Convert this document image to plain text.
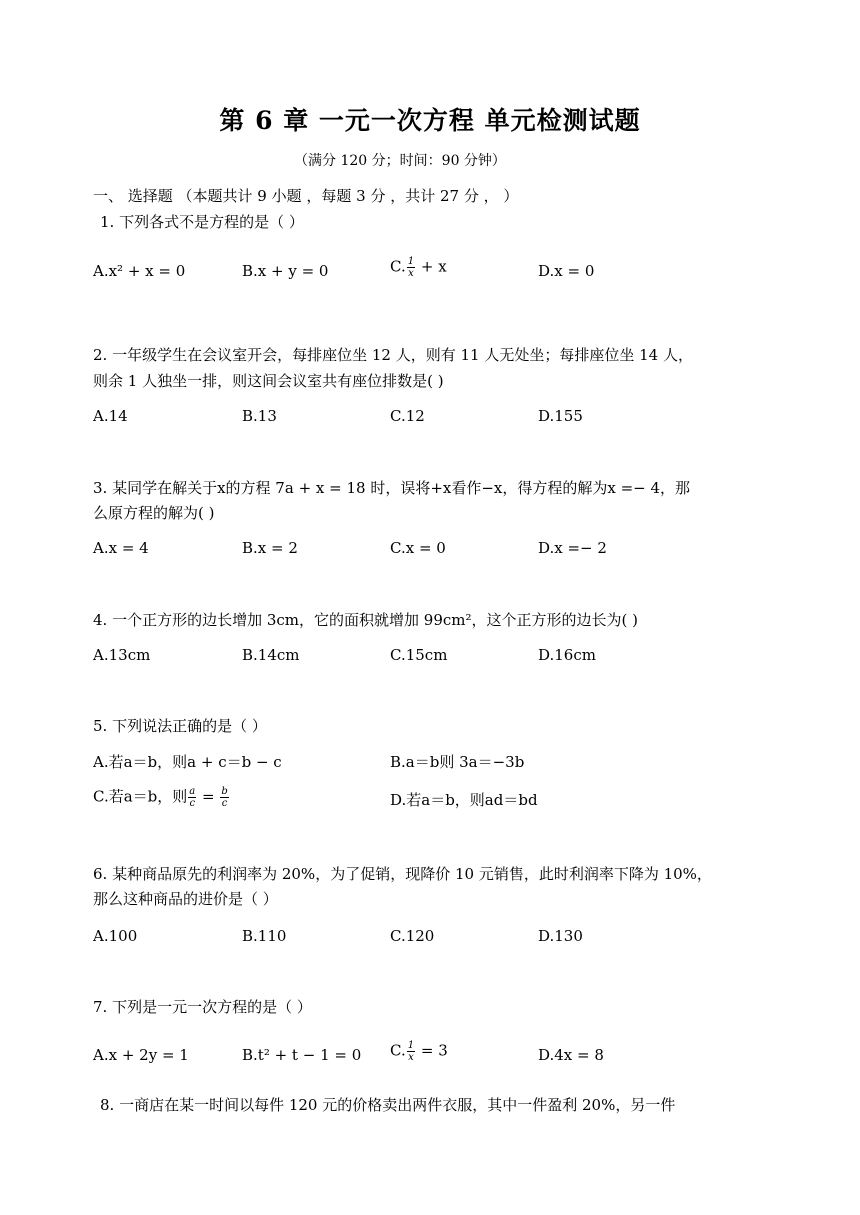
第 6 章 一元一次方程 单元检测试题
（满分 120 分；时间：90 分钟）
一、 选择题 （本题共计 9 小题 ，每题 3 分 ，共计 27 分 ， ）
1. 下列各式不是方程的是（ ）
A.x² + x = 0	B.x + y = 0	C. $\frac{1}{x} + x$	D.x = 0
2. 一年级学生在会议室开会，每排座位坐 12 人，则有 11 人无处坐；每排座位坐 14 人，
则余 1 人独坐一排，则这间会议室共有座位排数是( )
A.14	B.13	C.12	D.155
3. 某同学在解关于x的方程 7a + x = 18 时，误将+x看作−x，得方程的解为x =− 4，那
么原方程的解为( )
A.x = 4	B.x = 2	C.x = 0	D.x =− 2
4. 一个正方形的边长增加 3cm，它的面积就增加 99cm²，这个正方形的边长为( )
A.13cm	B.14cm	C.15cm	D.16cm
5. 下列说法正确的是（ ）
A.若a＝b，则a + c＝b − c	B.a＝b则 3a＝−3b
C.若a＝b，则 $\frac{a}{c} = \frac{b}{c}$	D.若a＝b，则ad＝bd
6. 某种商品原先的利润率为 20%，为了促销，现降价 10 元销售，此时利润率下降为 10%，
那么这种商品的进价是（ ）
A.100	B.110	C.120	D.130
7. 下列是一元一次方程的是（ ）
A.x + 2y = 1	B.t² + t − 1 = 0 C. $\frac{1}{x} = 3$	D.4x = 8
8. 一商店在某一时间以每件 120 元的价格卖出两件衣服，其中一件盈利 20%，另一件
